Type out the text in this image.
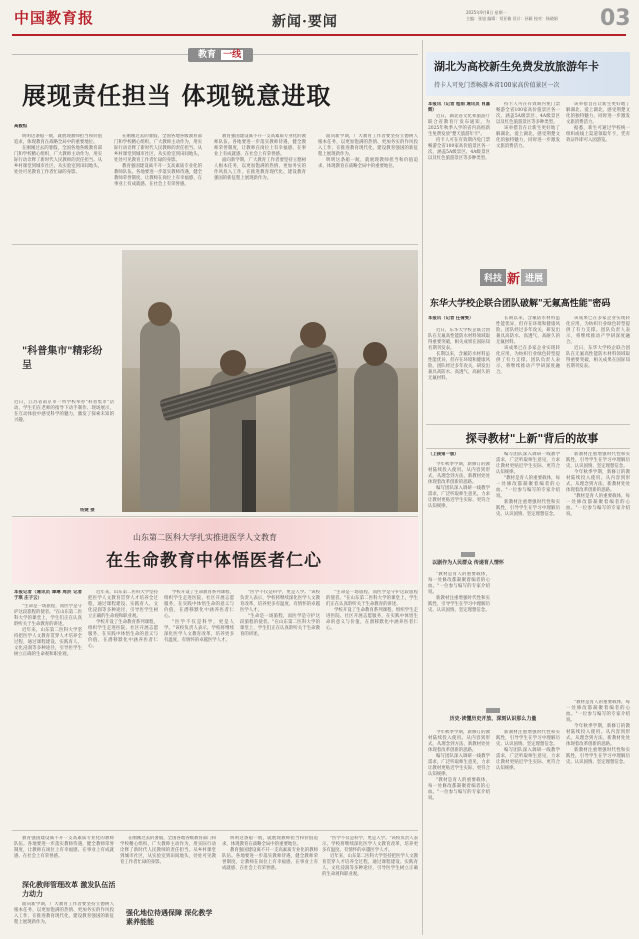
中国教育报	新闻·要闻
2025年9月8日 星期一
主编：张旭 编辑：刘亚楠 设计：孙颖 校对：杨晓娟	03
教育 一线
展现责任担当 体现锐意进取
高毅恒

明明这条船一航，就展现教师担当和价值追求，体现教育在战略全局中的重要地位。

在刚刚过去的暑假，全国各地各级教育部门和学校精心组织，广大教师主动作为，用实际行动诠释了新时代人民教师的责任担当。从乡村课堂到城市社区，从实验室到田间地头，处处可见教育工作者忙碌的身影。

在刚刚过去的暑假，全国各地各级教育部门和学校精心组织，广大教师主动作为，用实际行动诠释了新时代人民教师的责任担当。从乡村课堂到城市社区，从实验室到田间地头，处处可见教育工作者忙碌的身影。

教育强国建设离不开一支高素质专业化的教师队伍。各地要进一步落实教师待遇，健全教师荣誉制度，让教师在岗位上有幸福感、在事业上有成就感、在社会上有荣誉感。

教育强国建设离不开一支高素质专业化的教师队伍。各地要进一步落实教师待遇，健全教师荣誉制度，让教师在岗位上有幸福感、在事业上有成就感、在社会上有荣誉感。

面向新学期，广大教育工作者要坚持立德树人根本任务，以更加饱满的热情、更加务实的作风投入工作，在推进教育现代化、建设教育强国的新征程上展现新作为。

面向新学期，广大教育工作者要坚持立德树人根本任务，以更加饱满的热情、更加务实的作风投入工作，在推进教育现代化、建设教育强国的新征程上展现新作为。

明明这条船一航，就展现教师担当和价值追求，体现教育在战略全局中的重要地位。

"科普集市"精彩纷呈
近日，江苏省南京市一所学校举办"科普集市"活动，学生们在老师的指导下动手制作、现场展示，在互动体验中感受科学的魅力，激发了探索未知的兴趣。
杨婕 摄
山东第二医科大学扎实推进医学人文教育
在生命教育中体悟医者仁心
本报记者（通讯员 谭琳 周洪 记者 于琪 庄子云）

"生命是一场旅程，而医学是守护这段旅程的使者。"在山东第二医科大学的课堂上，学生们正在认真聆听关于生命教育的讲述。

近年来，山东第二医科大学坚持把医学人文教育贯穿人才培养全过程，通过课程建设、实践育人、文化浸润等多种途径，引导医学生树立正确的生命观和职业观。

近年来，山东第二医科大学坚持把医学人文教育贯穿人才培养全过程，通过课程建设、实践育人、文化浸润等多种途径，引导医学生树立正确的生命观和职业观。

学校开设了生命教育系列课程，组织学生走进医院、社区开展志愿服务，在实践中体悟生命的意义与价值，在潜移默化中涵养医者仁心。

学校开设了生命教育系列课程，组织学生走进医院、社区开展志愿服务，在实践中体悟生命的意义与价值，在潜移默化中涵养医者仁心。

"医学不仅是科学，更是人学。"该校负责人表示，学校将继续深化医学人文教育改革，培养更多有温度、有情怀的卓越医学人才。

"医学不仅是科学，更是人学。"该校负责人表示，学校将继续深化医学人文教育改革，培养更多有温度、有情怀的卓越医学人才。

"生命是一场旅程，而医学是守护这段旅程的使者。"在山东第二医科大学的课堂上，学生们正在认真聆听关于生命教育的讲述。

"生命是一场旅程，而医学是守护这段旅程的使者。"在山东第二医科大学的课堂上，学生们正在认真聆听关于生命教育的讲述。

学校开设了生命教育系列课程，组织学生走进医院、社区开展志愿服务，在实践中体悟生命的意义与价值，在潜移默化中涵养医者仁心。

教育强国建设离不开一支高素质专业化的教师队伍。各地要进一步落实教师待遇，健全教师荣誉制度，让教师在岗位上有幸福感、在事业上有成就感、在社会上有荣誉感。

深化教师管理改革 激发队伍活力动力

面向新学期，广大教育工作者要坚持立德树人根本任务，以更加饱满的热情、更加务实的作风投入工作，在推进教育现代化、建设教育强国的新征程上展现新作为。

在刚刚过去的暑假，全国各地各级教育部门和学校精心组织，广大教师主动作为，用实际行动诠释了新时代人民教师的责任担当。从乡村课堂到城市社区，从实验室到田间地头，处处可见教育工作者忙碌的身影。

强化地位待遇保障 深化教学素养能能

明明这条船一航，就展现教师担当和价值追求，体现教育在战略全局中的重要地位。

教育强国建设离不开一支高素质专业化的教师队伍。各地要进一步落实教师待遇，健全教师荣誉制度，让教师在岗位上有幸福感、在事业上有成就感、在社会上有荣誉感。

"医学不仅是科学，更是人学。"该校负责人表示，学校将继续深化医学人文教育改革，培养更多有温度、有情怀的卓越医学人才。

近年来，山东第二医科大学坚持把医学人文教育贯穿人才培养全过程，通过课程建设、实践育人、文化浸润等多种途径，引导医学生树立正确的生命观和职业观。

湖北为高校新生免费发放旅游年卡
持卡人可免门票畅游本省100家高价值景区一次
本报讯（记者 程雨 通讯员 肖嘉辉）

近日，湖北省文化和旅游厅联合省教育厅发布通知，为2025年秋季入学的省内高校新生免费发放"楚天旅游年卡"。

持卡人可在有效期内免门票畅游全省100家高价值景区各一次，涵盖5A级景区、4A级景区以及红色旅游景区等多种类型。

持卡人可在有效期内免门票畅游全省100家高价值景区各一次，涵盖5A级景区、4A级景区以及红色旅游景区等多种类型。

该举措旨在让新生更好地了解湖北、爱上湖北，感受荆楚文化的独特魅力，同时进一步激发文旅消费活力。

该举措旨在让新生更好地了解湖北、爱上湖北，感受荆楚文化的独特魅力，同时进一步激发文旅消费活力。

据悉，新生可通过学校统一组织或线上渠道领取年卡，凭有效证件即可入园游览。

科技 新 进展
东华大学校企联合团队破解"无氟高性能"密码
本报讯（记者 任倩雯）

近日，东华大学校企联合团队在无氟高性能防水材料领域取得重要突破，相关成果在国际知名期刊发表。

长期以来，含氟防水材料虽性能优异，但存在环境和健康风险。团队经过多年攻关，研发出兼具高防水、高透气、高耐久的无氟材料。

长期以来，含氟防水材料虽性能优异，但存在环境和健康风险。团队经过多年攻关，研发出兼具高防水、高透气、高耐久的无氟材料。

该成果已在多家企业实现转化应用，为纺织行业绿色转型提供了有力支撑。团队负责人表示，将继续推动产学研深度融合。

该成果已在多家企业实现转化应用，为纺织行业绿色转型提供了有力支撑。团队负责人表示，将继续推动产学研深度融合。

近日，东华大学校企联合团队在无氟高性能防水材料领域取得重要突破，相关成果在国际知名期刊发表。

探寻教材"上新"背后的故事
（上接第一版）

今年秋季学期，新修订的教材陆续投入使用。从内容到形式，从理念到方法，新教材处处体现着改革创新的思路。

编写团队深入调研一线教学需求，广泛听取师生意见，力求让教材更贴近学生实际、更符合认知规律。

以剧作为人民群众 传递育人情怀

"教材是育人的重要载体，每一处修改都凝聚着编者的心血。"一位参与编写的专家介绍说。

新教材注重增强时代性和实践性，引导学生在学习中理解历史、认识国情、坚定理想信念。

编写团队深入调研一线教学需求，广泛听取师生意见，力求让教材更贴近学生实际、更符合认知规律。

"教材是育人的重要载体，每一处修改都凝聚着编者的心血。"一位参与编写的专家介绍说。

新教材注重增强时代性和实践性，引导学生在学习中理解历史、认识国情、坚定理想信念。

新教材注重增强时代性和实践性，引导学生在学习中理解历史、认识国情、坚定理想信念。

今年秋季学期，新修订的教材陆续投入使用。从内容到形式，从理念到方法，新教材处处体现着改革创新的思路。

"教材是育人的重要载体，每一处修改都凝聚着编者的心血。"一位参与编写的专家介绍说。

历史·读懂历史开放、深刻认识那么力量

今年秋季学期，新修订的教材陆续投入使用。从内容到形式，从理念到方法，新教材处处体现着改革创新的思路。

编写团队深入调研一线教学需求，广泛听取师生意见，力求让教材更贴近学生实际、更符合认知规律。

"教材是育人的重要载体，每一处修改都凝聚着编者的心血。"一位参与编写的专家介绍说。

新教材注重增强时代性和实践性，引导学生在学习中理解历史、认识国情、坚定理想信念。

编写团队深入调研一线教学需求，广泛听取师生意见，力求让教材更贴近学生实际、更符合认知规律。

"教材是育人的重要载体，每一处修改都凝聚着编者的心血。"一位参与编写的专家介绍说。

今年秋季学期，新修订的教材陆续投入使用。从内容到形式，从理念到方法，新教材处处体现着改革创新的思路。

新教材注重增强时代性和实践性，引导学生在学习中理解历史、认识国情、坚定理想信念。
